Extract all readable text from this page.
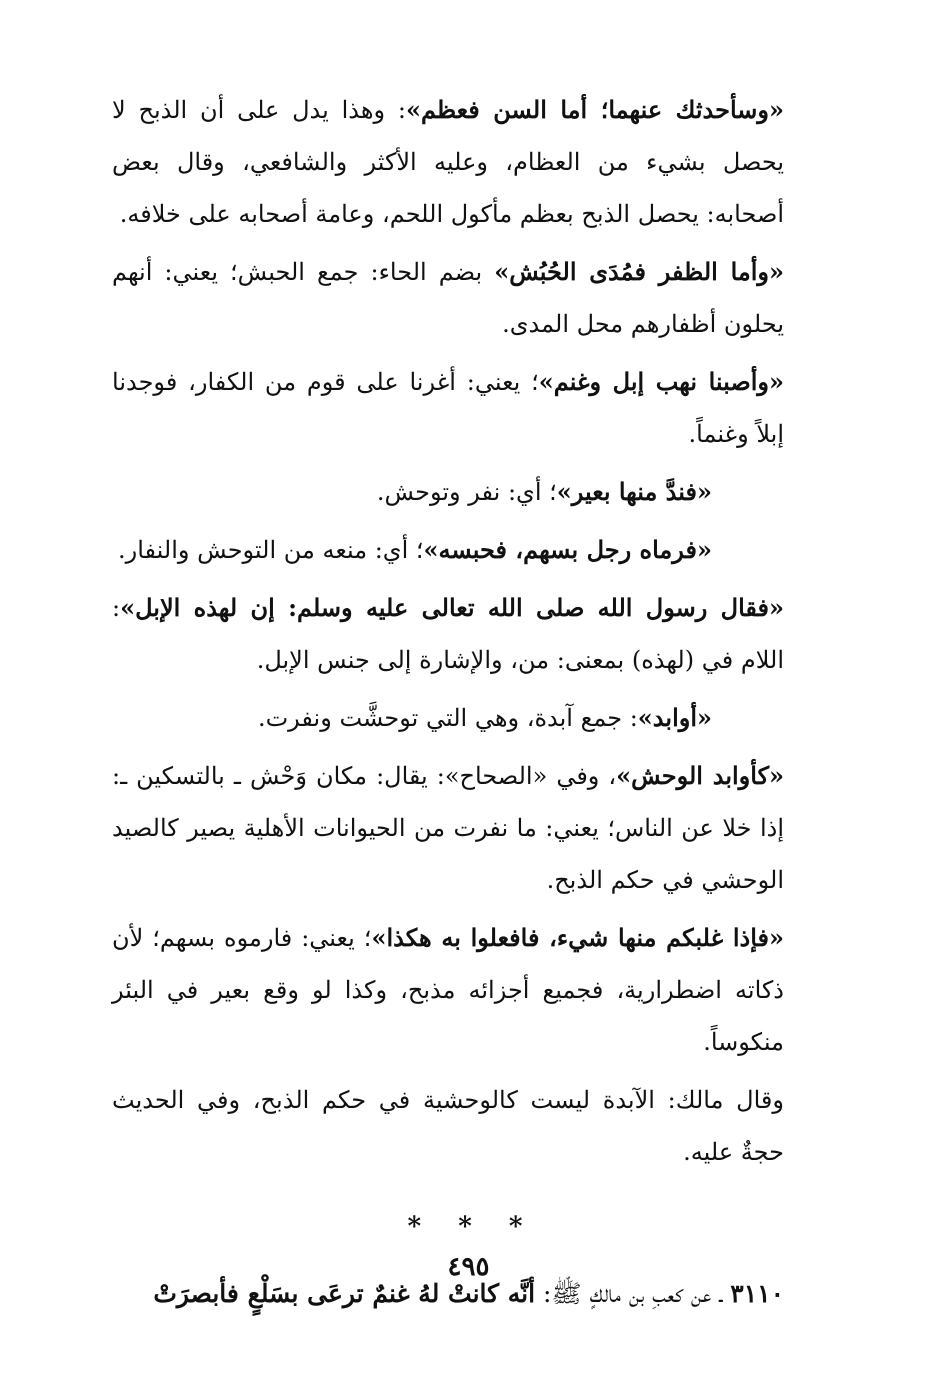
«وسأحدثك عنهما؛ أما السن فعظم»: وهذا يدل على أن الذبح لا يحصل بشيء من العظام، وعليه الأكثر والشافعي، وقال بعض أصحابه: يحصل الذبح بعظم مأكول اللحم، وعامة أصحابه على خلافه.

«وأما الظفر فمُدَى الحُبُش» بضم الحاء: جمع الحبش؛ يعني: أنهم يحلون أظفارهم محل المدى.

«وأصبنا نهب إبل وغنم»؛ يعني: أغرنا على قوم من الكفار، فوجدنا إبلاً وغنماً.

«فندَّ منها بعير»؛ أي: نفر وتوحش.

«فرماه رجل بسهم، فحبسه»؛ أي: منعه من التوحش والنفار.

«فقال رسول الله صلى الله تعالى عليه وسلم: إن لهذه الإبل»: اللام في (لهذه) بمعنى: من، والإشارة إلى جنس الإبل.

«أوابد»: جمع آبدة، وهي التي توحشَّت ونفرت.

«كأوابد الوحش»، وفي «الصحاح»: يقال: مكان وَحْش ـ بالتسكين ـ: إذا خلا عن الناس؛ يعني: ما نفرت من الحيوانات الأهلية يصير كالصيد الوحشي في حكم الذبح.

«فإذا غلبكم منها شيء، فافعلوا به هكذا»؛ يعني: فارموه بسهم؛ لأن ذكاته اضطرارية، فجميع أجزائه مذبح، وكذا لو وقع بعير في البئر منكوساً.

وقال مالك: الآبدة ليست كالوحشية في حكم الذبح، وفي الحديث حجةٌ عليه.

* * *

٣١١٠ ـ عن كعبِ بن مالكٍ ﷺ: أنَّه كانتْ لهُ غنمٌ ترعَى بسَلْعٍ فأبصرَتْ

٤٩٥
